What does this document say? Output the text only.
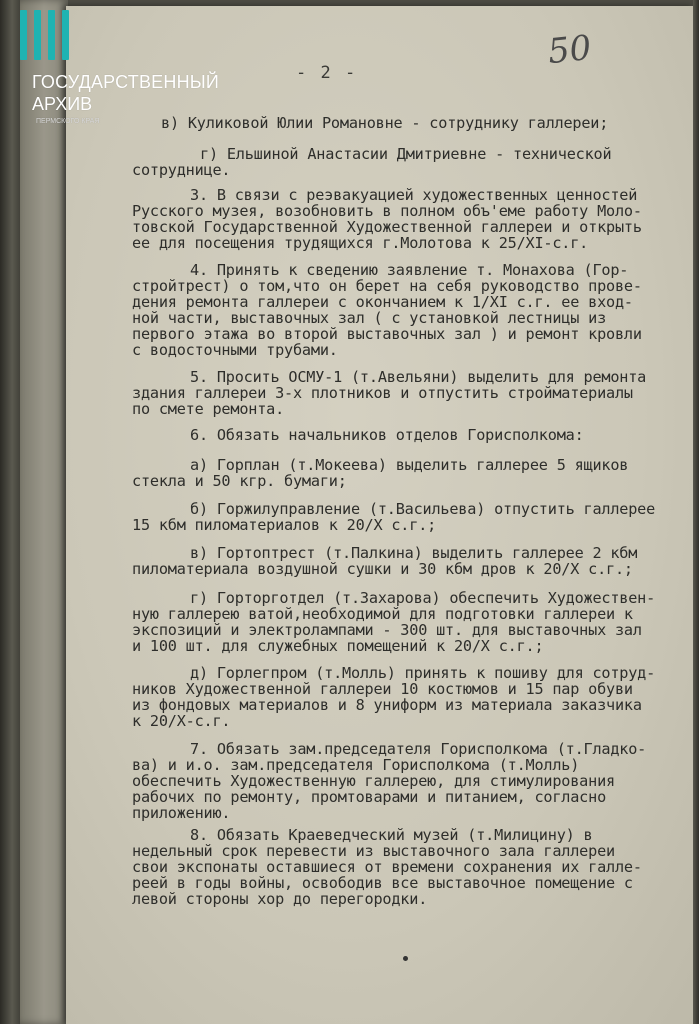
ГОСУДАРСТВЕННЫЙ
АРХИВ
ПЕРМСКОГО КРАЯ
- 2 -
50
в) Куликовой Юлии Романовне - сотруднику галлереи;
г) Ельшиной Анастасии Дмитриевне - технической
сотруднице.
3. В связи с реэвакуацией художественных ценностей
Русского музея, возобновить в полном объ'еме работу Моло-
товской Государственной Художественной галлереи и открыть
ее для посещения трудящихся г.Молотова к 25/XI-с.г.
4. Принять к сведению заявление т. Монахова (Гор-
стройтрест) о том,что он берет на себя руководство прове-
дения ремонта галлереи с окончанием к 1/XI с.г. ее вход-
ной части, выставочных зал ( с установкой лестницы из
первого этажа во второй выставочных зал ) и ремонт кровли
с водосточными трубами.
5. Просить ОСМУ-1 (т.Авельяни) выделить для ремонта
здания галлереи 3-х плотников и отпустить стройматериалы
по смете ремонта.
6. Обязать начальников отделов Горисполкома:
а) Горплан (т.Мокеева) выделить галлерее 5 ящиков
стекла и 50 кгр. бумаги;
б) Горжилуправление (т.Васильева) отпустить галлерее
15 кбм пиломатериалов к 20/X с.г.;
в) Гортоптрест (т.Палкина) выделить галлерее 2 кбм
пиломатериала воздушной сушки и 30 кбм дров к 20/X с.г.;
г) Горторготдел (т.Захарова) обеспечить Художествен-
ную галлерею ватой,необходимой для подготовки галлереи к
экспозиций и электролампами - 300 шт. для выставочных зал
и 100 шт. для служебных помещений к 20/X с.г.;
д) Горлегпром (т.Молль) принять к пошиву для сотруд-
ников Художественной галлереи 10 костюмов и 15 пар обуви
из фондовых материалов и 8 униформ из материала заказчика
к 20/X-с.г.
7. Обязать зам.председателя Горисполкома (т.Гладко-
ва) и и.о. зам.председателя Горисполкома (т.Молль)
обеспечить Художественную галлерею, для стимулирования
рабочих по ремонту, промтоварами и питанием, согласно
приложению.
8. Обязать Краеведческий музей (т.Милицину) в
недельный срок перевести из выставочного зала галлереи
свои экспонаты оставшиеся от времени сохранения их галле-
реей в годы войны, освободив все выставочное помещение с
левой стороны хор до перегородки.
